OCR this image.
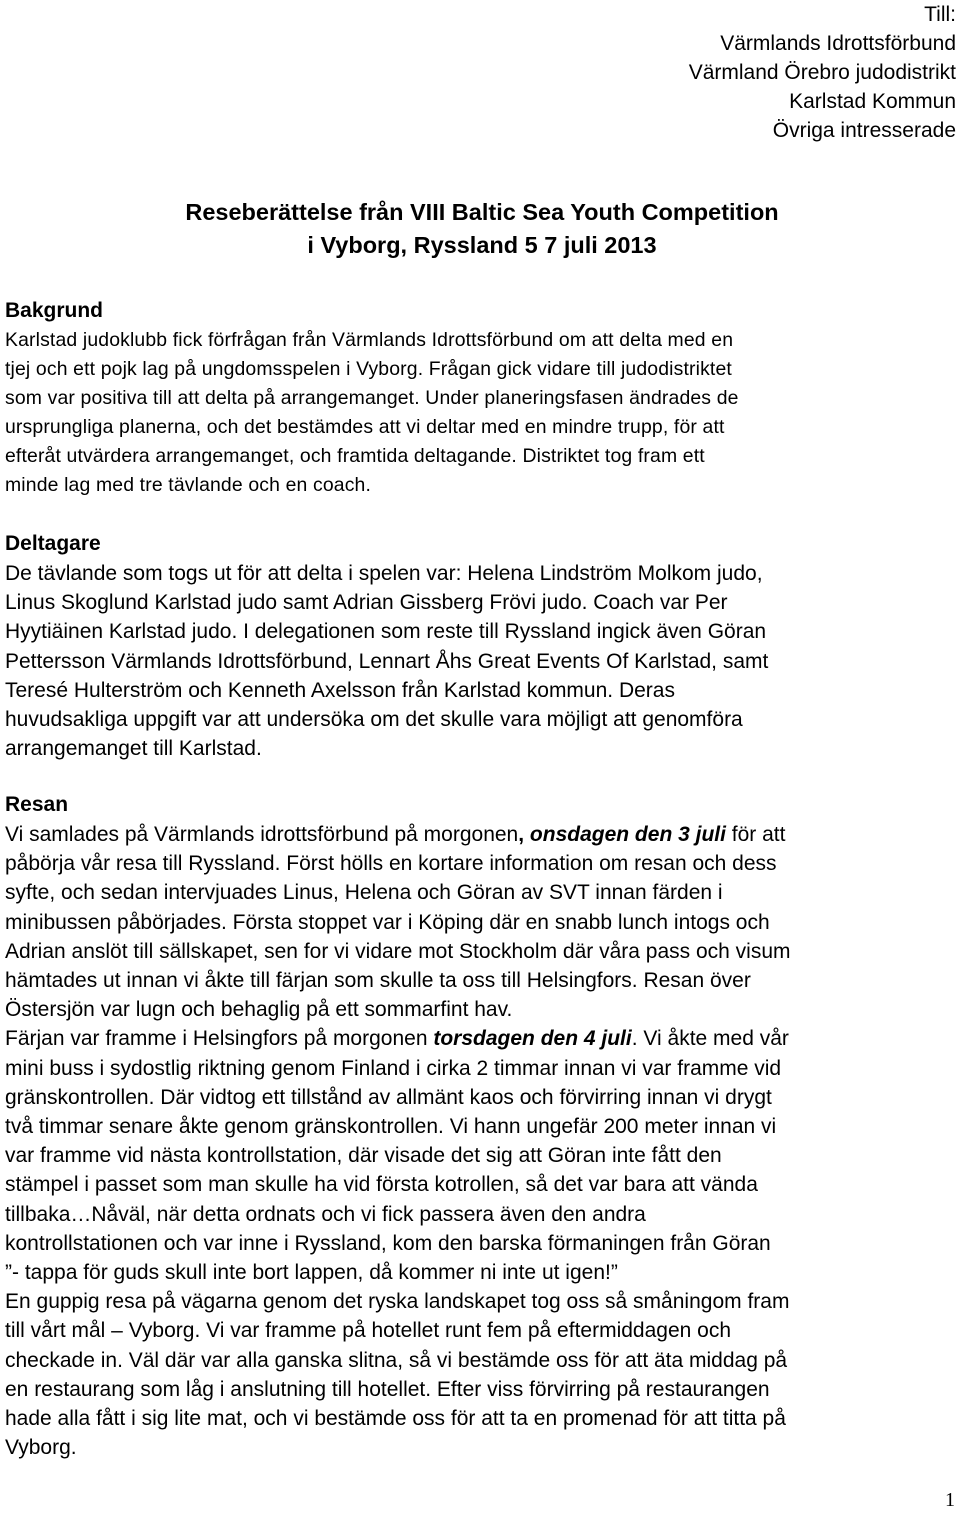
Till:
Värmlands Idrottsförbund
Värmland Örebro judodistrikt
Karlstad Kommun
Övriga intresserade
Reseberättelse från VIII Baltic Sea Youth Competition
i Vyborg, Ryssland 5 7 juli 2013
Bakgrund
Karlstad judoklubb fick förfrågan från Värmlands Idrottsförbund om att delta med en
tjej och ett pojk lag på ungdomsspelen i Vyborg. Frågan gick vidare till judodistriktet
som var positiva till att delta på arrangemanget. Under planeringsfasen ändrades de
ursprungliga planerna, och det bestämdes att vi deltar med en mindre trupp, för att
efteråt utvärdera arrangemanget, och framtida deltagande. Distriktet tog fram ett
minde lag med tre tävlande och en coach.
Deltagare
De tävlande som togs ut för att delta i spelen var: Helena Lindström Molkom judo,
Linus Skoglund Karlstad judo samt Adrian Gissberg Frövi judo. Coach var Per
Hyytiäinen Karlstad judo. I delegationen som reste till Ryssland ingick även Göran
Pettersson Värmlands Idrottsförbund, Lennart Åhs Great Events Of Karlstad, samt
Teresé Hulterström och Kenneth Axelsson från Karlstad kommun. Deras
huvudsakliga uppgift var att undersöka om det skulle vara möjligt att genomföra
arrangemanget till Karlstad.
Resan
Vi samlades på Värmlands idrottsförbund på morgonen, onsdagen den 3 juli för att
påbörja vår resa till Ryssland. Först hölls en kortare information om resan och dess
syfte, och sedan intervjuades Linus, Helena och Göran av SVT innan färden i
minibussen påbörjades. Första stoppet var i Köping där en snabb lunch intogs och
Adrian anslöt till sällskapet, sen for vi vidare mot Stockholm där våra pass och visum
hämtades ut innan vi åkte till färjan som skulle ta oss till Helsingfors. Resan över
Östersjön var lugn och behaglig på ett sommarfint hav.
Färjan var framme i Helsingfors på morgonen torsdagen den 4 juli. Vi åkte med vår
mini buss i sydostlig riktning genom Finland i cirka 2 timmar innan vi var framme vid
gränskontrollen. Där vidtog ett tillstånd av allmänt kaos och förvirring innan vi drygt
två timmar senare åkte genom gränskontrollen. Vi hann ungefär 200 meter innan vi
var framme vid nästa kontrollstation, där visade det sig att Göran inte fått den
stämpel i passet som man skulle ha vid första kotrollen, så det var bara att vända
tillbaka…Nåväl, när detta ordnats och vi fick passera även den andra
kontrollstationen och var inne i Ryssland, kom den barska förmaningen från Göran
”- tappa för guds skull inte bort lappen, då kommer ni inte ut igen!”
En guppig resa på vägarna genom det ryska landskapet tog oss så småningom fram
till vårt mål – Vyborg. Vi var framme på hotellet runt fem på eftermiddagen och
checkade in. Väl där var alla ganska slitna, så vi bestämde oss för att äta middag på
en restaurang som låg i anslutning till hotellet. Efter viss förvirring på restaurangen
hade alla fått i sig lite mat, och vi bestämde oss för att ta en promenad för att titta på
Vyborg.
1
